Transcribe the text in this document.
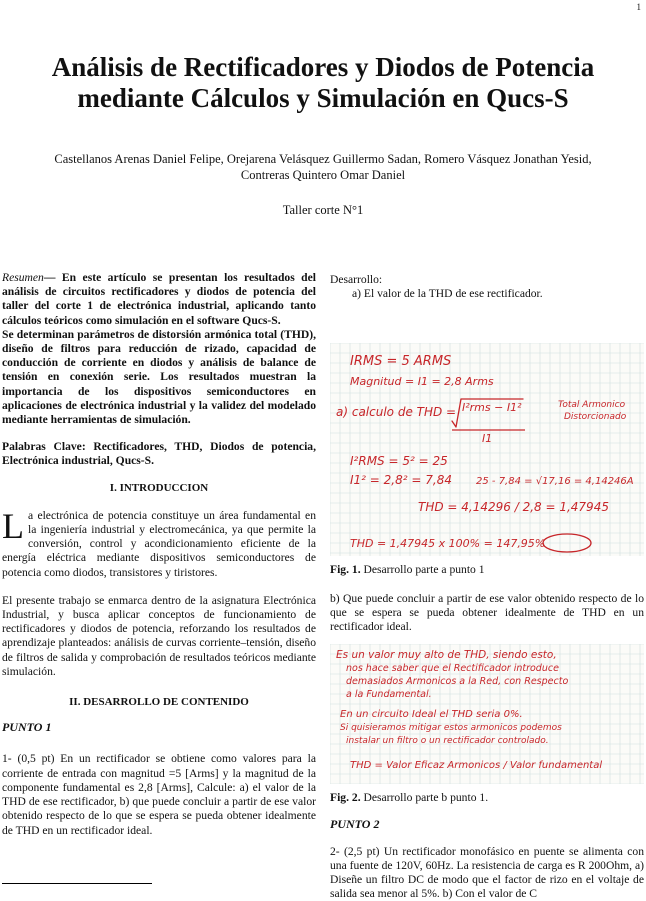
1
Análisis de Rectificadores y Diodos de Potencia mediante Cálculos y Simulación en Qucs-S
Castellanos Arenas Daniel Felipe, Orejarena Velásquez Guillermo Sadan, Romero Vásquez Jonathan Yesid, Contreras Quintero Omar Daniel
Taller corte N°1

Resumen— En este artículo se presentan los resultados del análisis de circuitos rectificadores y diodos de potencia del taller del corte 1 de electrónica industrial, aplicando tanto cálculos teóricos como simulación en el software Qucs-S.

Se determinan parámetros de distorsión armónica total (THD), diseño de filtros para reducción de rizado, capacidad de conducción de corriente en diodos y análisis de balance de tensión en conexión serie. Los resultados muestran la importancia de los dispositivos semiconductores en aplicaciones de electrónica industrial y la validez del modelado mediante herramientas de simulación.

Palabras Clave: Rectificadores, THD, Diodos de potencia, Electrónica industrial, Qucs-S.

I. INTRODUCCION

La electrónica de potencia constituye un área fundamental en la ingeniería industrial y electromecánica, ya que permite la conversión, control y acondicionamiento eficiente de la energía eléctrica mediante dispositivos semiconductores de potencia como diodos, transistores y tiristores.

El presente trabajo se enmarca dentro de la asignatura Electrónica Industrial, y busca aplicar conceptos de funcionamiento de rectificadores y diodos de potencia, reforzando los resultados de aprendizaje planteados: análisis de curvas corriente–tensión, diseño de filtros de salida y comprobación de resultados teóricos mediante simulación.

II. DESARROLLO DE CONTENIDO
PUNTO 1

1- (0,5 pt) En un rectificador se obtiene como valores para la corriente de entrada con magnitud =5 [Arms] y la magnitud de la componente fundamental es 2,8 [Arms], Calcule: a) el valor de la THD de ese rectificador, b) que puede concluir a partir de ese valor obtenido respecto de lo que se espera se pueda obtener idealmente de THD en un rectificador ideal.

Desarrollo:

a) El valor de la THD de ese rectificador.

IRMS = 5 ARMS
Magnitud = I1 = 2,8 Arms
a) calculo de THD = I²rms − I1²
I1
Total Armonico
Distorcionado
I²RMS = 5² = 25
I1² = 2,8² = 7,84 25 - 7,84 = √17,16 = 4,14246A
THD = 4,14296 / 2,8 = 1,47945
THD = 1,47945 x 100% = 147,95%

Fig. 1. Desarrollo parte a punto 1

b) Que puede concluir a partir de ese valor obtenido respecto de lo que se espera se pueda obtener idealmente de THD en un rectificador ideal.

Es un valor muy alto de THD, siendo esto,
nos hace saber que el Rectificador introduce
demasiados Armonicos a la Red, con Respecto
a la Fundamental.
En un circuito Ideal el THD seria 0%.
Si quisieramos mitigar estos armonicos podemos
instalar un filtro o un rectificador controlado.
THD = Valor Eficaz Armonicos / Valor fundamental

Fig. 2. Desarrollo parte b punto 1.

PUNTO 2

2- (2,5 pt) Un rectificador monofásico en puente se alimenta con una fuente de 120V, 60Hz. La resistencia de carga es R 200Ohm, a) Diseñe un filtro DC de modo que el factor de rizo en el voltaje de salida sea menor al 5%. b) Con el valor de C
